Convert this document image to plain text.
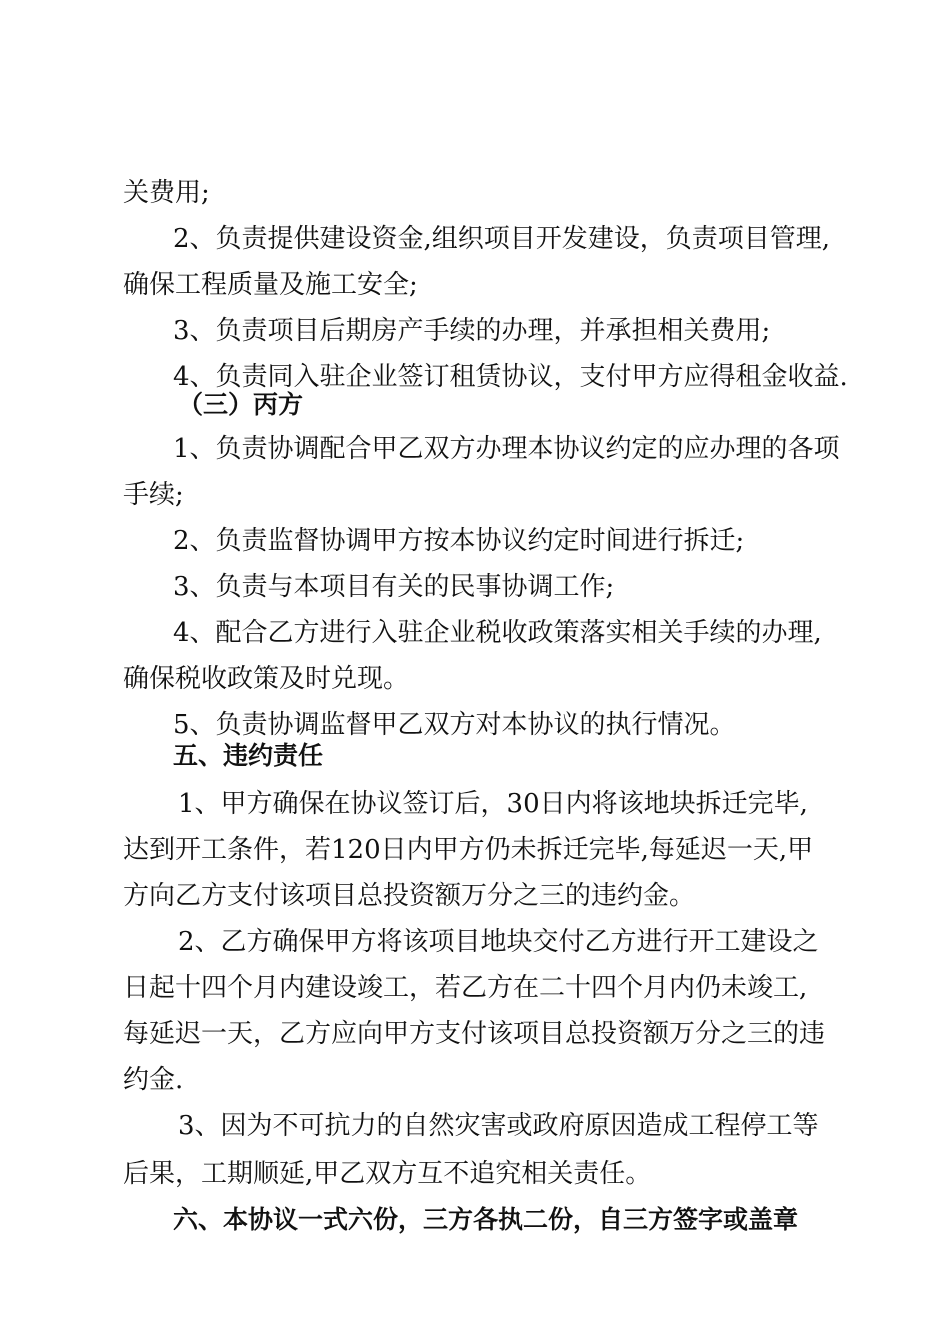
关费用;
2、负责提供建设资金,组织项目开发建设，负责项目管理,
确保工程质量及施工安全;
3、负责项目后期房产手续的办理，并承担相关费用;
4、负责同入驻企业签订租赁协议，支付甲方应得租金收益.
（三）丙方
1、负责协调配合甲乙双方办理本协议约定的应办理的各项
手续;
2、负责监督协调甲方按本协议约定时间进行拆迁;
3、负责与本项目有关的民事协调工作;
4、配合乙方进行入驻企业税收政策落实相关手续的办理,
确保税收政策及时兑现。
5、负责协调监督甲乙双方对本协议的执行情况。
五、违约责任
1、甲方确保在协议签订后，30日内将该地块拆迁完毕,
达到开工条件，若120日内甲方仍未拆迁完毕,每延迟一天,甲
方向乙方支付该项目总投资额万分之三的违约金。
2、乙方确保甲方将该项目地块交付乙方进行开工建设之
日起十四个月内建设竣工，若乙方在二十四个月内仍未竣工,
每延迟一天，乙方应向甲方支付该项目总投资额万分之三的违
约金.
3、因为不可抗力的自然灾害或政府原因造成工程停工等
后果，工期顺延,甲乙双方互不追究相关责任。
六、本协议一式六份，三方各执二份，自三方签字或盖章
